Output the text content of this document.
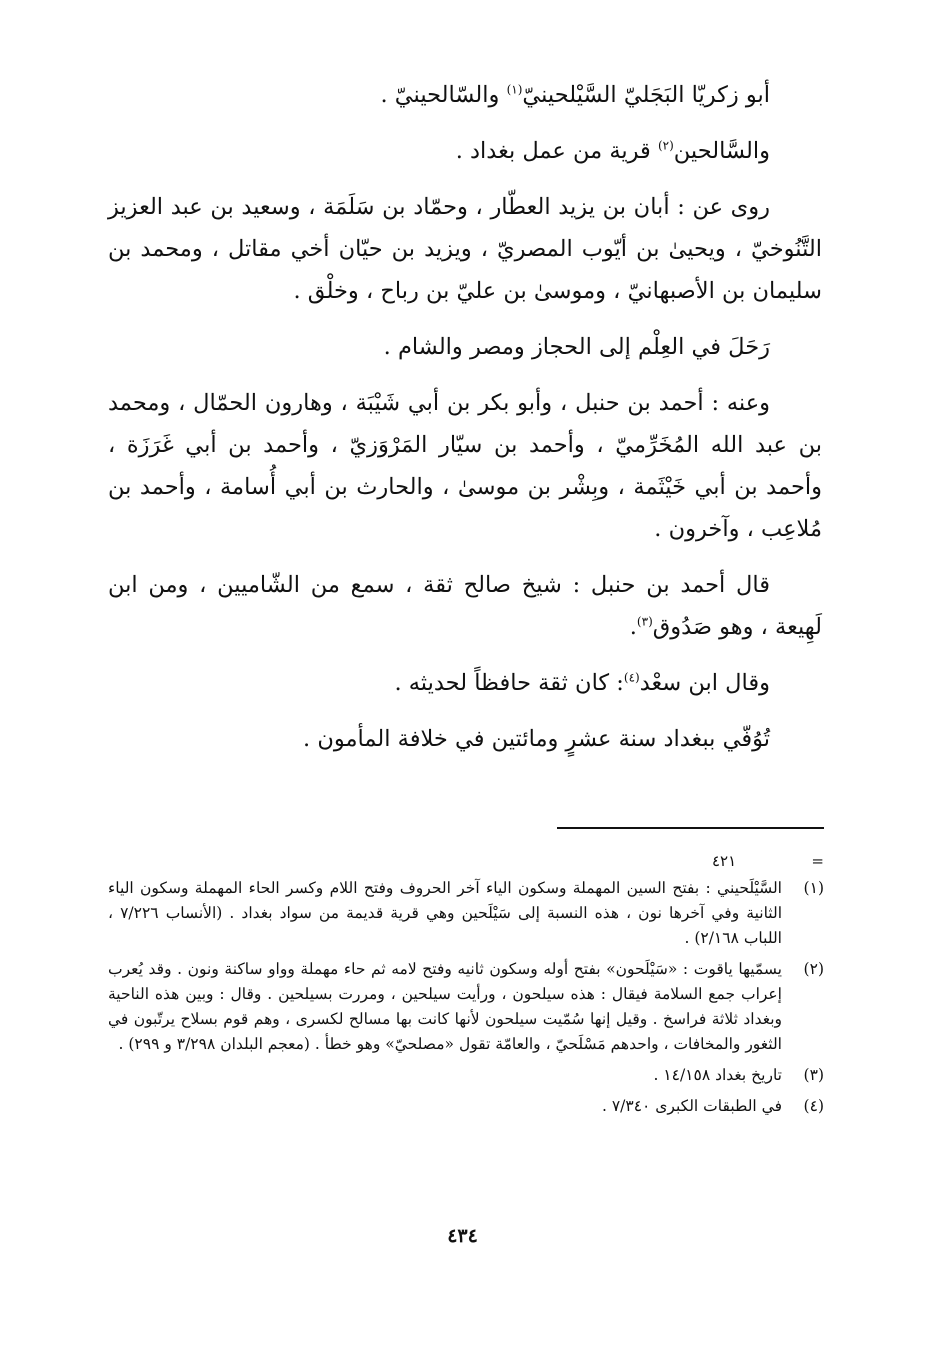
أبو زكريّا البَجَليّ السَّيْلحينيّ$^{(١)}$ والسّالحينيّ .

والسَّالحين$^{(٢)}$ قرية من عمل بغداد .

روى عن : أبان بن يزيد العطّار ، وحمّاد بن سَلَمَة ، وسعيد بن عبد العزيز التَّنُوخيّ ، ويحيىٰ بن أيّوب المصريّ ، ويزيد بن حيّان أخي مقاتل ، ومحمد بن سليمان بن الأصبهانيّ ، وموسىٰ بن عليّ بن رباح ، وخلْق .

رَحَلَ في العِلْم إلى الحجاز ومصر والشام .

وعنه : أحمد بن حنبل ، وأبو بكر بن أبي شَيْبَة ، وهارون الحمّال ، ومحمد بن عبد الله المُخَرِّميّ ، وأحمد بن سيّار المَرْوَزيّ ، وأحمد بن أبي غَرَزَة ، وأحمد بن أبي خَيْثَمة ، وبِشْر بن موسىٰ ، والحارث بن أبي أُسامة ، وأحمد بن مُلاعِب ، وآخرون .

قال أحمد بن حنبل : شيخ صالح ثقة ، سمع من الشّاميين ، ومن ابن لَهِيعة ، وهو صَدُوق$^{(٣)}$.

وقال ابن سعْد$^{(٤)}$: كان ثقة حافظاً لحديثه .

تُوُفّي ببغداد سنة عشرٍ ومائتين في خلافة المأمون .

=
٤٢١
(١)
السَّيْلَحيني : بفتح السين المهملة وسكون الياء آخر الحروف وفتح اللام وكسر الحاء المهملة وسكون الياء الثانية وفي آخرها نون ، هذه النسبة إلى سَيْلَحين وهي قرية قديمة من سواد بغداد . (الأنساب ٧/٢٢٦ ، اللباب ٢/١٦٨) .
(٢)
يسمّيها ياقوت : «سَيْلَحون» بفتح أوله وسكون ثانيه وفتح لامه ثم حاء مهملة وواو ساكنة ونون . وقد يُعرب إعراب جمع السلامة فيقال : هذه سيلحون ، ورأيت سيلحين ، ومررت بسيلحين . وقال : وبين هذه الناحية وبغداد ثلاثة فراسخ . وقيل إنها سُمّيت سيلحون لأنها كانت بها مسالح لكسرى ، وهم قوم بسلاح يرتّبون في الثغور والمخافات ، واحدهم مَسْلَحيّ ، والعامّة تقول «مصلحيّ» وهو خطأ . (معجم البلدان ٣/٢٩٨ و ٢٩٩) .
(٣)
تاريخ بغداد ١٤/١٥٨ .
(٤)
في الطبقات الكبرى ٧/٣٤٠ .
٤٣٤
